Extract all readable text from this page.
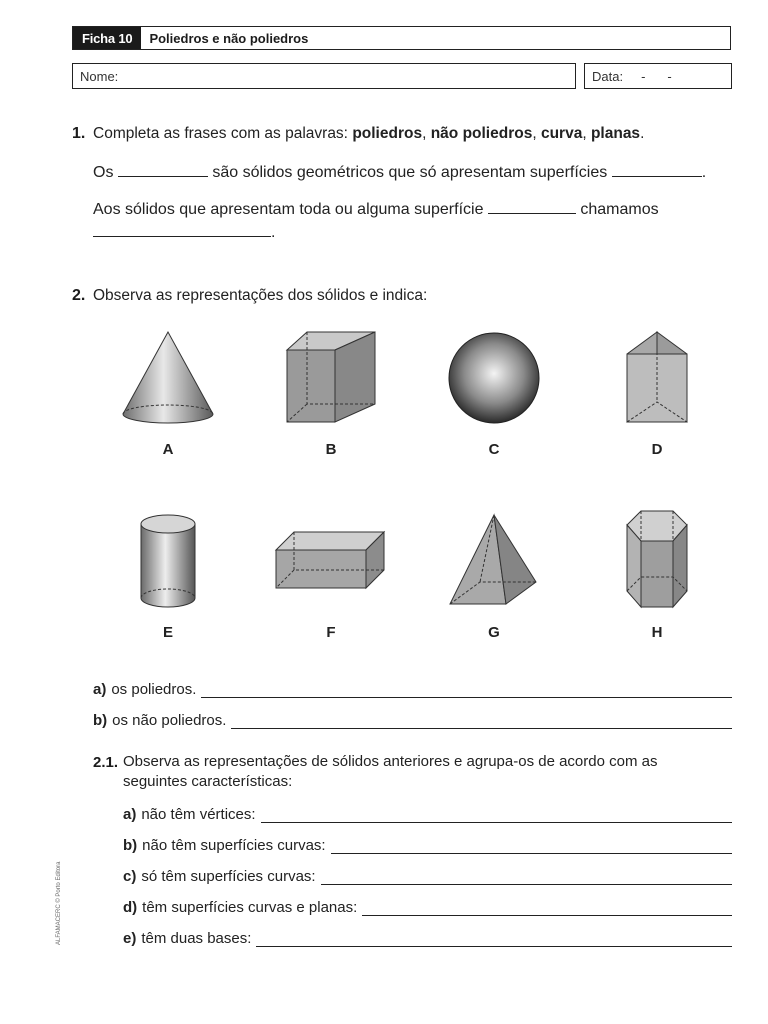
Ficha 10	Poliedros e não poliedros
Nome:	Data: - -
1. Completa as frases com as palavras: poliedros, não poliedros, curva, planas.
Os	são sólidos geométricos que só apresentam superfícies	.
Aos sólidos que apresentam toda ou alguma superfície	chamamos
.
2. Observa as representações dos sólidos e indica:
A	B	C	D
E	F	G	H
a) os poliedros.
b) os não poliedros.
2.1. Observa as representações de sólidos anteriores e agrupa-os de acordo com as
seguintes características:
a) não têm vértices:
b) não têm superfícies curvas:
c) só têm superfícies curvas:
d) têm superfícies curvas e planas:
e) têm duas bases:
ALFAMACERC © Porto Editora
